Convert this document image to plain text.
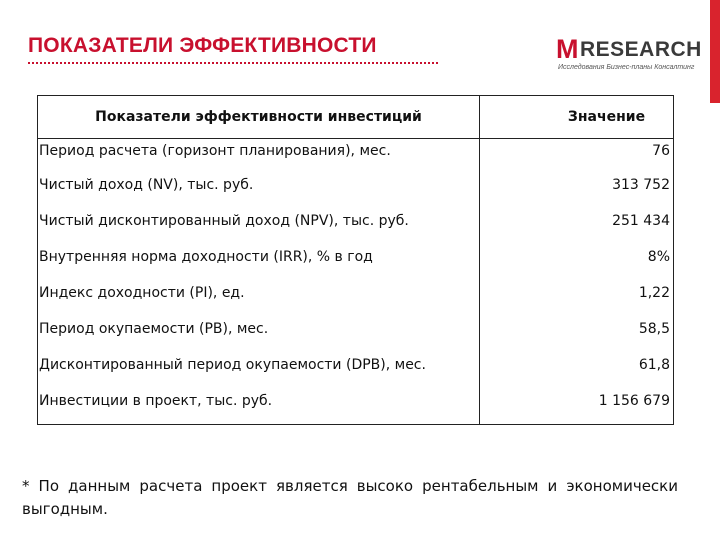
ПОКАЗАТЕЛИ ЭФФЕКТИВНОСТИ	M RESEARCH
Исследования Бизнес-планы Консалтинг
Показатели эффективности инвестиций	Значение
Период расчета (горизонт планирования), мес.	76
Чистый доход (NV), тыс. руб.	313 752
Чистый дисконтированный доход (NPV), тыс. руб.	251 434
Внутренняя норма доходности (IRR), % в год	8%
Индекс доходности (PI), ед.	1,22
Период окупаемости (PB), мес.	58,5
Дисконтированный период окупаемости (DPB), мес.	61,8
Инвестиции в проект, тыс. руб.	1 156 679
* По данным расчета проект является высоко рентабельным и экономически выгодным.
